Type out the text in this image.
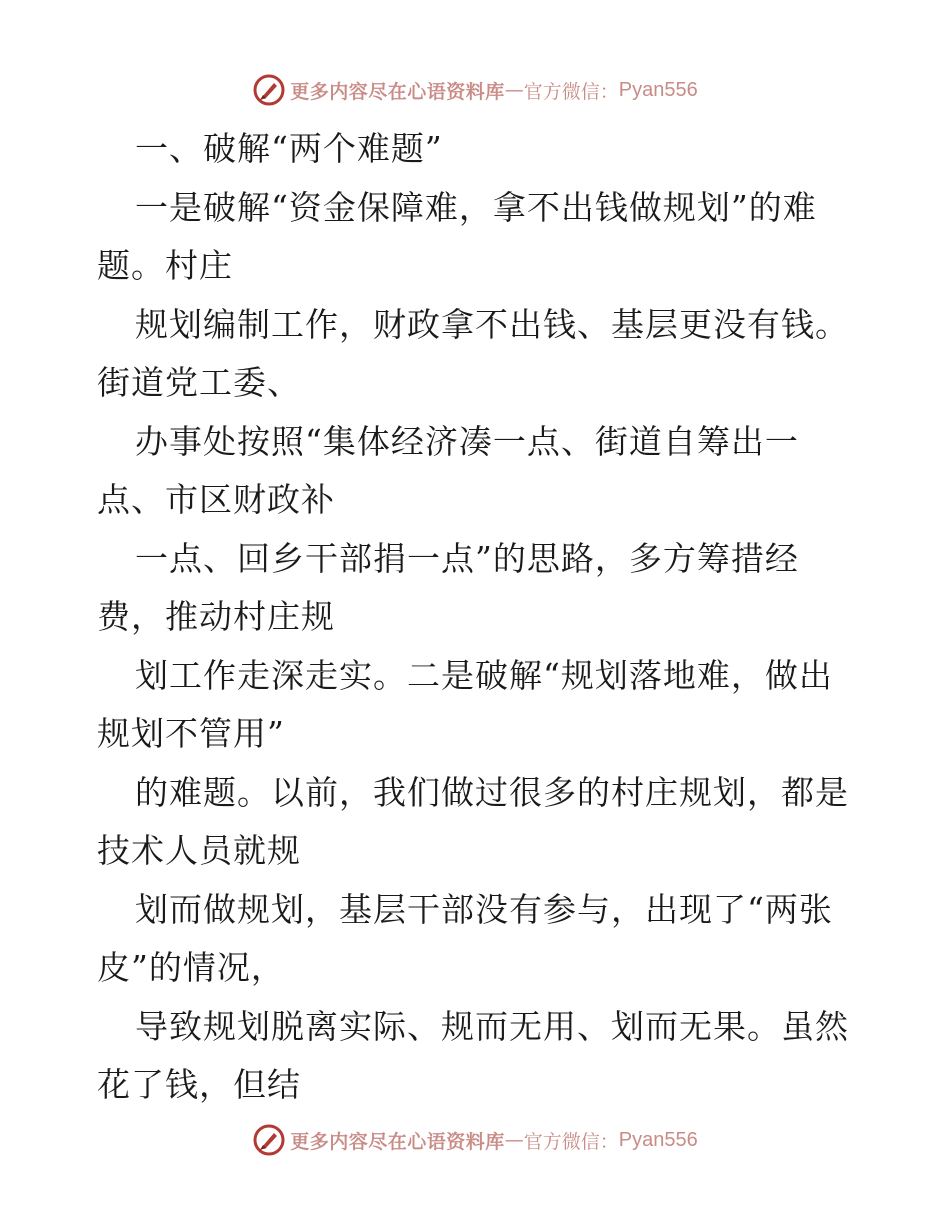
更多内容尽在心语资料库 — 官方微信： Pyan556
一、破解“两个难题”
一是破解“资金保障难，拿不出钱做规划”的难
题。村庄
规划编制工作，财政拿不出钱、基层更没有钱。
街道党工委、
办事处按照“集体经济凑一点、街道自筹出一
点、市区财政补
一点、回乡干部捐一点”的思路，多方筹措经
费，推动村庄规
划工作走深走实。二是破解“规划落地难，做出
规划不管用”
的难题。以前，我们做过很多的村庄规划，都是
技术人员就规
划而做规划，基层干部没有参与，出现了“两张
皮”的情况，
导致规划脱离实际、规而无用、划而无果。虽然
花了钱，但结
更多内容尽在心语资料库 — 官方微信： Pyan556
